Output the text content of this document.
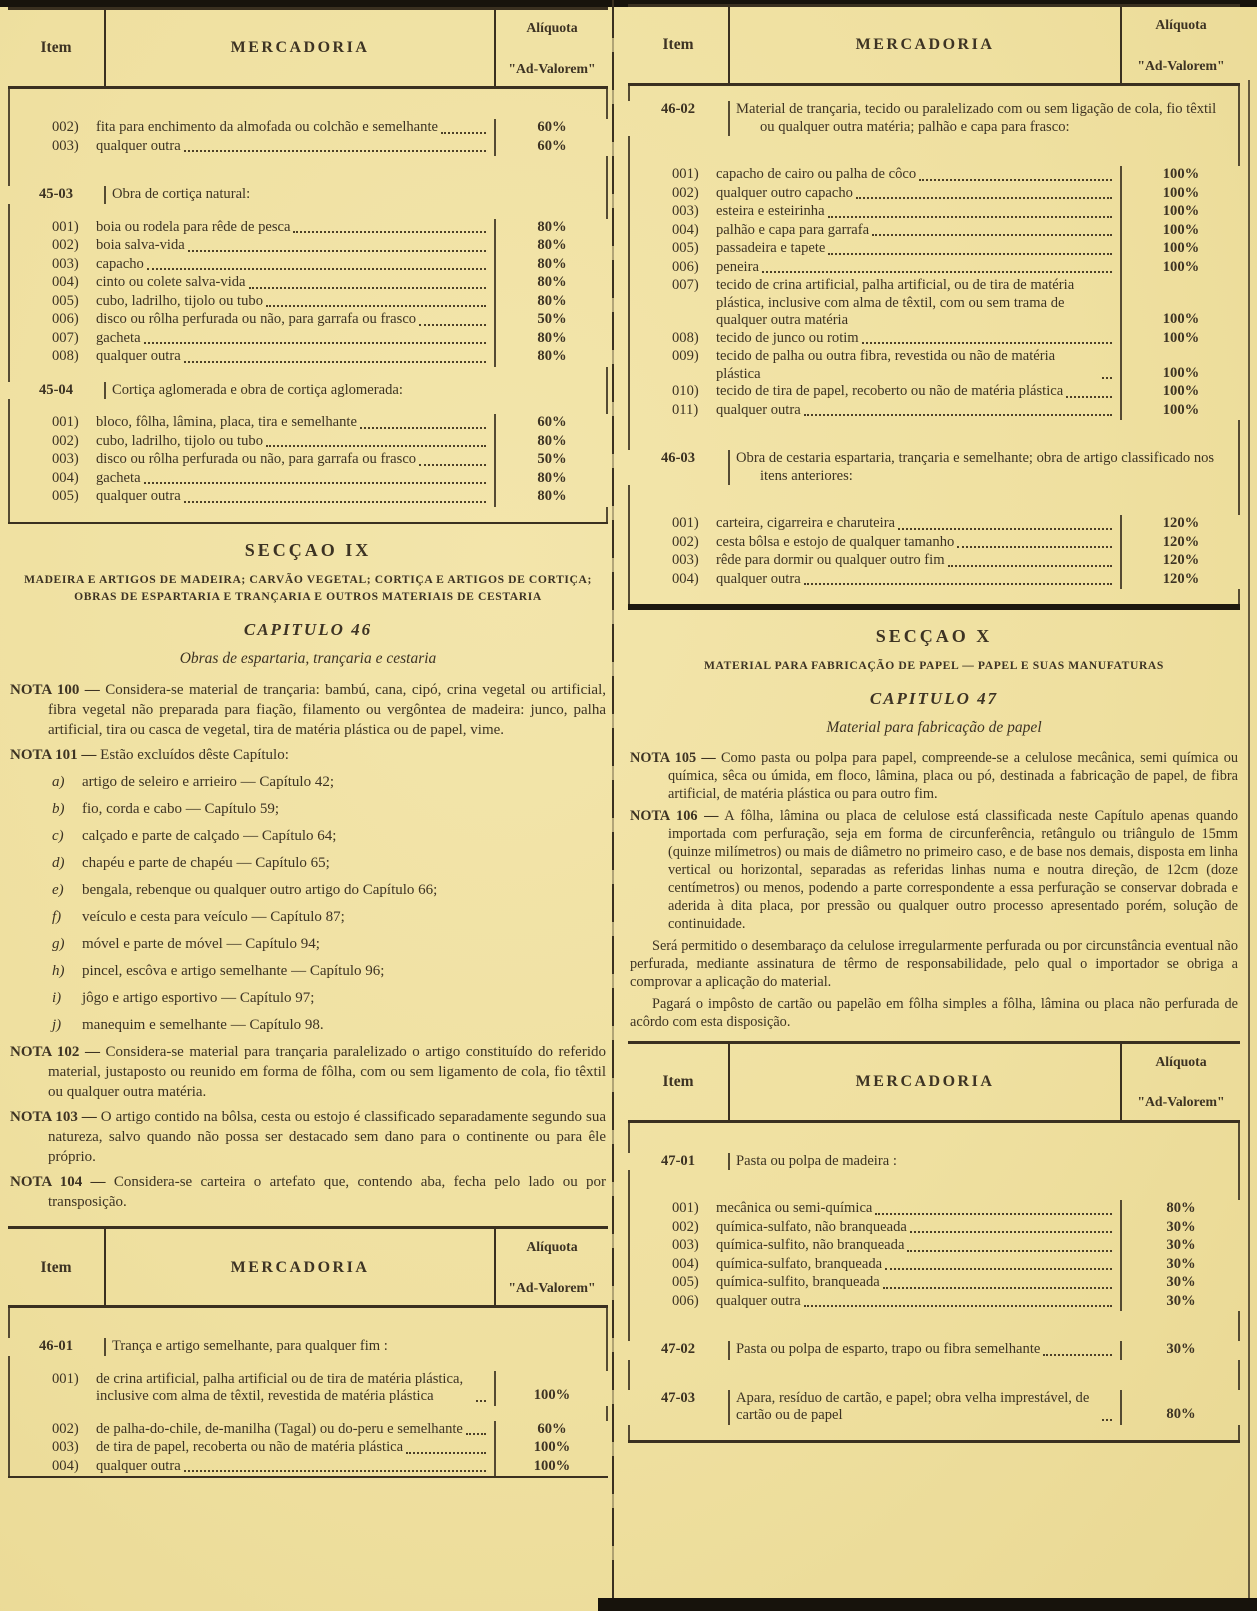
Item	MERCADORIA
Alíquota
"Ad-Valorem"
002)	fita para enchimento da almofada ou colchão e semelhante	60%
003)	qualquer outra	60%
45-03	Obra de cortiça natural:
001)	boia ou rodela para rêde de pesca	80%
002)	boia salva-vida	80%
003)	capacho	80%
004)	cinto ou colete salva-vida	80%
005)	cubo, ladrilho, tijolo ou tubo	80%
006)	disco ou rôlha perfurada ou não, para garrafa ou frasco	50%
007)	gacheta	80%
008)	qualquer outra	80%
45-04	Cortiça aglomerada e obra de cortiça aglomerada:
001)	bloco, fôlha, lâmina, placa, tira e semelhante	60%
002)	cubo, ladrilho, tijolo ou tubo	80%
003)	disco ou rôlha perfurada ou não, para garrafa ou frasco	50%
004)	gacheta	80%
005)	qualquer outra	80%
SECÇAO IX
MADEIRA E ARTIGOS DE MADEIRA; CARVÃO VEGETAL; CORTIÇA E ARTIGOS DE CORTIÇA; OBRAS DE ESPARTARIA E TRANÇARIA E OUTROS MATERIAIS DE CESTARIA
CAPITULO 46
Obras de espartaria, trançaria e cestaria

NOTA 100 — Considera-se material de trançaria: bambú, cana, cipó, crina vegetal ou artificial, fibra vegetal não preparada para fiação, filamento ou vergôntea de madeira: junco, palha artificial, tira ou casca de vegetal, tira de matéria plástica ou de papel, vime.

NOTA 101 — Estão excluídos dêste Capítulo:

a)	artigo de seleiro e arrieiro — Capítulo 42;
b)	fio, corda e cabo — Capítulo 59;
c)	calçado e parte de calçado — Capítulo 64;
d)	chapéu e parte de chapéu — Capítulo 65;
e)	bengala, rebenque ou qualquer outro artigo do Capítulo 66;
f)	veículo e cesta para veículo — Capítulo 87;
g)	móvel e parte de móvel — Capítulo 94;
h)	pincel, escôva e artigo semelhante — Capítulo 96;
i)	jôgo e artigo esportivo — Capítulo 97;
j)	manequim e semelhante — Capítulo 98.

NOTA 102 — Considera-se material para trançaria paralelizado o artigo constituído do referido material, justaposto ou reunido em forma de fôlha, com ou sem ligamento de cola, fio têxtil ou qualquer outra matéria.

NOTA 103 — O artigo contido na bôlsa, cesta ou estojo é classificado separadamente segundo sua natureza, salvo quando não possa ser destacado sem dano para o continente ou para êle próprio.

NOTA 104 — Considera-se carteira o artefato que, contendo aba, fecha pelo lado ou por transposição.

Item	MERCADORIA
Alíquota
"Ad-Valorem"
46-01	Trança e artigo semelhante, para qualquer fim :
001)	de crina artificial, palha artificial ou de tira de matéria plástica, inclusive com alma de têxtil, revestida de matéria plástica	100%
002)	de palha-do-chile, de-manilha (Tagal) ou do-peru e semelhante	60%
003)	de tira de papel, recoberta ou não de matéria plástica	100%
004)	qualquer outra	100%
Item	MERCADORIA
Alíquota
"Ad-Valorem"
46-02	Material de trançaria, tecido ou paralelizado com ou sem ligação de cola, fio têxtil ou qualquer outra matéria; palhão e capa para frasco:
001)	capacho de cairo ou palha de côco	100%
002)	qualquer outro capacho	100%
003)	esteira e esteirinha	100%
004)	palhão e capa para garrafa	100%
005)	passadeira e tapete	100%
006)	peneira	100%
007)	tecido de crina artificial, palha artificial, ou de tira de matéria plástica, inclusive com alma de têxtil, com ou sem trama de qualquer outra matéria	100%
008)	tecido de junco ou rotim	100%
009)	tecido de palha ou outra fibra, revestida ou não de matéria plástica	100%
010)	tecido de tira de papel, recoberto ou não de matéria plástica	100%
011)	qualquer outra	100%
46-03	Obra de cestaria espartaria, trançaria e semelhante; obra de artigo classificado nos itens anteriores:
001)	carteira, cigarreira e charuteira	120%
002)	cesta bôlsa e estojo de qualquer tamanho	120%
003)	rêde para dormir ou qualquer outro fim	120%
004)	qualquer outra	120%
SECÇAO X
MATERIAL PARA FABRICAÇÃO DE PAPEL — PAPEL E SUAS MANUFATURAS
CAPITULO 47
Material para fabricação de papel

NOTA 105 — Como pasta ou polpa para papel, compreende-se a celulose mecânica, semi química ou química, sêca ou úmida, em floco, lâmina, placa ou pó, destinada a fabricação de papel, de fibra artificial, de matéria plástica ou para outro fim.

NOTA 106 — A fôlha, lâmina ou placa de celulose está classificada neste Capítulo apenas quando importada com perfuração, seja em forma de circunferência, retângulo ou triângulo de 15mm (quinze milímetros) ou mais de diâmetro no primeiro caso, e de base nos demais, disposta em linha vertical ou horizontal, separadas as referidas linhas numa e noutra direção, de 12cm (doze centímetros) ou menos, podendo a parte correspondente a essa perfuração se conservar dobrada e aderida à dita placa, por pressão ou qualquer outro processo apresentado porém, solução de continuidade.

Será permitido o desembaraço da celulose irregularmente perfurada ou por circunstância eventual não perfurada, mediante assinatura de têrmo de responsabilidade, pelo qual o importador se obriga a comprovar a aplicação do material.

Pagará o impôsto de cartão ou papelão em fôlha simples a fôlha, lâmina ou placa não perfurada de acôrdo com esta disposição.

Item	MERCADORIA
Alíquota
"Ad-Valorem"
47-01	Pasta ou polpa de madeira :
001)	mecânica ou semi-química	80%
002)	química-sulfato, não branqueada	30%
003)	química-sulfito, não branqueada	30%
004)	química-sulfato, branqueada	30%
005)	química-sulfito, branqueada	30%
006)	qualquer outra	30%
47-02	Pasta ou polpa de esparto, trapo ou fibra semelhante	30%
47-03	Apara, resíduo de cartão, e papel; obra velha imprestável, de cartão ou de papel	80%
